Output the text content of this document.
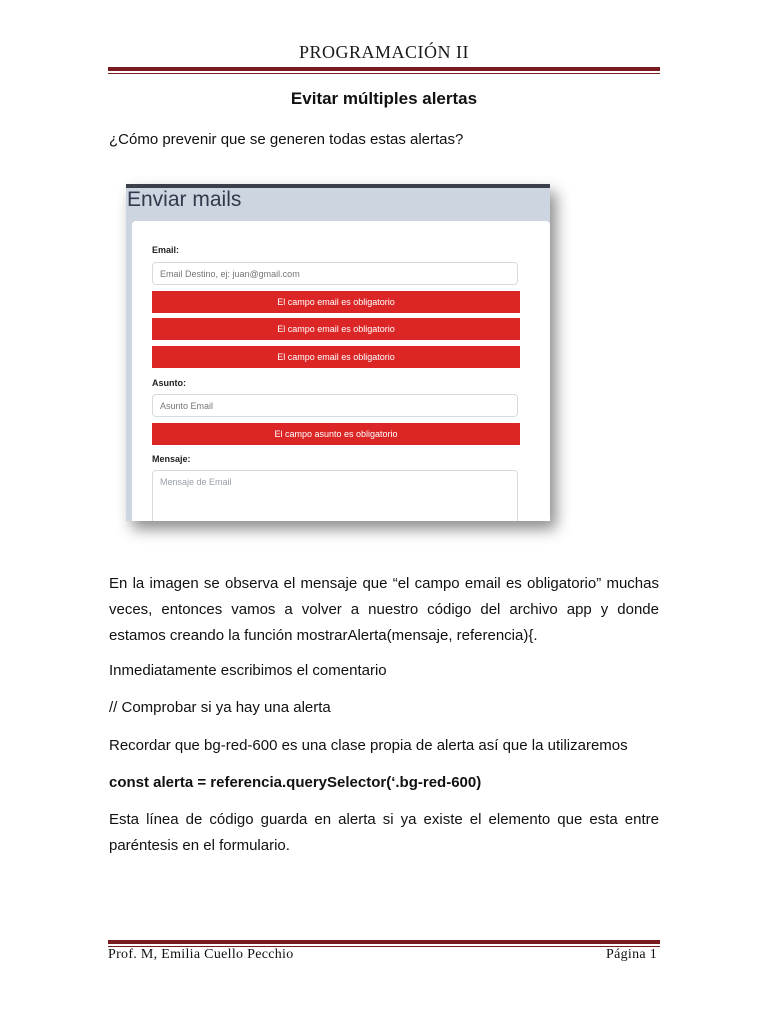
PROGRAMACIÓN II
Evitar múltiples alertas

¿Cómo prevenir que se generen todas estas alertas?

Enviar mails
Email:
Email Destino, ej: juan@gmail.com
El campo email es obligatorio
El campo email es obligatorio
El campo email es obligatorio
Asunto:
Asunto Email
El campo asunto es obligatorio
Mensaje:
Mensaje de Email

En la imagen se observa el mensaje que “el campo email es obligatorio” muchas veces, entonces vamos a volver a nuestro código del archivo app y donde estamos creando la función mostrarAlerta(mensaje, referencia){.

Inmediatamente escribimos el comentario

// Comprobar si ya hay una alerta

Recordar que bg-red-600 es una clase propia de alerta así que la utilizaremos

const alerta = referencia.querySelector(‘.bg-red-600)

Esta línea de código guarda en alerta si ya existe el elemento que esta entre paréntesis en el formulario.

Prof. M, Emilia Cuello Pecchio	Página 1
